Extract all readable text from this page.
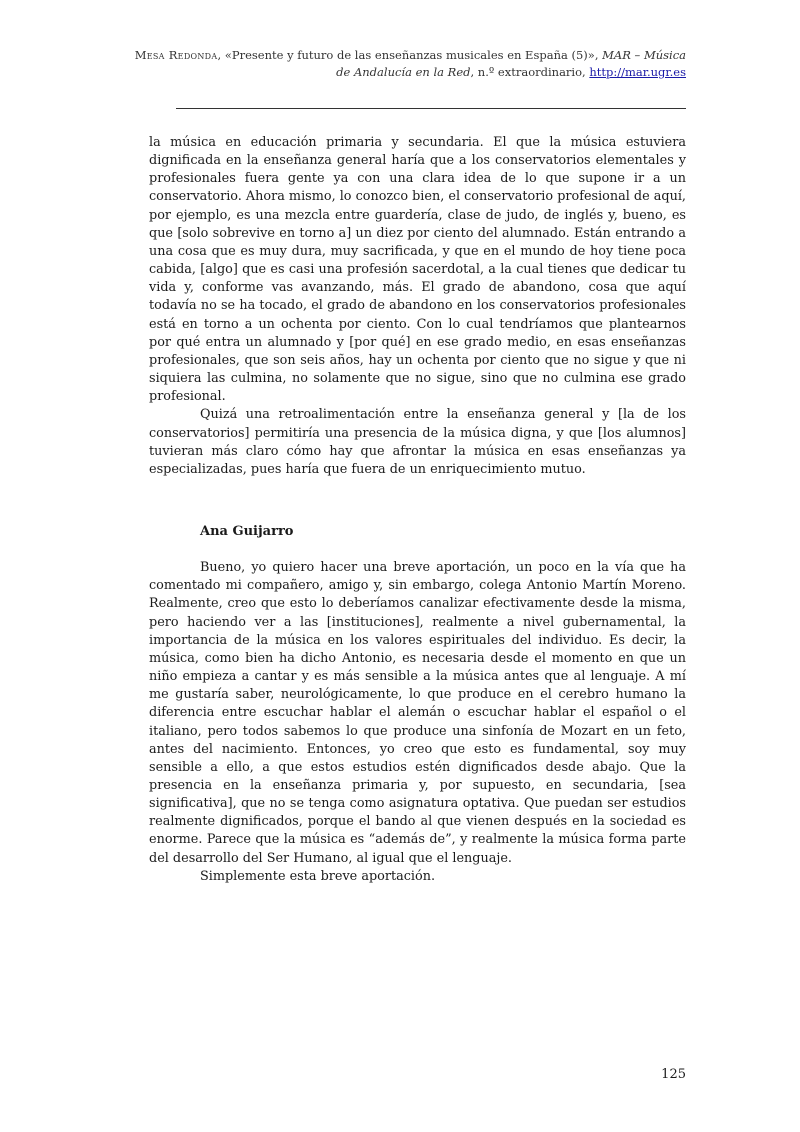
Mesa Redonda, «Presente y futuro de las enseñanzas musicales en España (5)», MAR – Música de Andalucía en la Red, n.º extraordinario, http://mar.ugr.es

la música en educación primaria y secundaria. El que la música estuviera dignificada en la enseñanza general haría que a los conservatorios elementales y profesionales fuera gente ya con una clara idea de lo que supone ir a un conservatorio. Ahora mismo, lo conozco bien, el conservatorio profesional de aquí, por ejemplo, es una mezcla entre guardería, clase de judo, de inglés y, bueno, es que [solo sobrevive en torno a] un diez por ciento del alumnado. Están entrando a una cosa que es muy dura, muy sacrificada, y que en el mundo de hoy tiene poca cabida, [algo] que es casi una profesión sacerdotal, a la cual tienes que dedicar tu vida y, conforme vas avanzando, más. El grado de abandono, cosa que aquí todavía no se ha tocado, el grado de abandono en los conservatorios profesionales está en torno a un ochenta por ciento. Con lo cual tendríamos que plantearnos por qué entra un alumnado y [por qué] en ese grado medio, en esas enseñanzas profesionales, que son seis años, hay un ochenta por ciento que no sigue y que ni siquiera las culmina, no solamente que no sigue, sino que no culmina ese grado profesional.

Quizá una retroalimentación entre la enseñanza general y [la de los conservatorios] permitiría una presencia de la música digna, y que [los alumnos] tuvieran más claro cómo hay que afrontar la música en esas enseñanzas ya especializadas, pues haría que fuera de un enriquecimiento mutuo.

Ana Guijarro

Bueno, yo quiero hacer una breve aportación, un poco en la vía que ha comentado mi compañero, amigo y, sin embargo, colega Antonio Martín Moreno. Realmente, creo que esto lo deberíamos canalizar efectivamente desde la misma, pero haciendo ver a las [instituciones], realmente a nivel gubernamental, la importancia de la música en los valores espirituales del individuo. Es decir, la música, como bien ha dicho Antonio, es necesaria desde el momento en que un niño empieza a cantar y es más sensible a la música antes que al lenguaje. A mí me gustaría saber, neurológicamente, lo que produce en el cerebro humano la diferencia entre escuchar hablar el alemán o escuchar hablar el español o el italiano, pero todos sabemos lo que produce una sinfonía de Mozart en un feto, antes del nacimiento. Entonces, yo creo que esto es fundamental, soy muy sensible a ello, a que estos estudios estén dignificados desde abajo. Que la presencia en la enseñanza primaria y, por supuesto, en secundaria, [sea significativa], que no se tenga como asignatura optativa. Que puedan ser estudios realmente dignificados, porque el bando al que vienen después en la sociedad es enorme. Parece que la música es “además de”, y realmente la música forma parte del desarrollo del Ser Humano, al igual que el lenguaje.

Simplemente esta breve aportación.

125
